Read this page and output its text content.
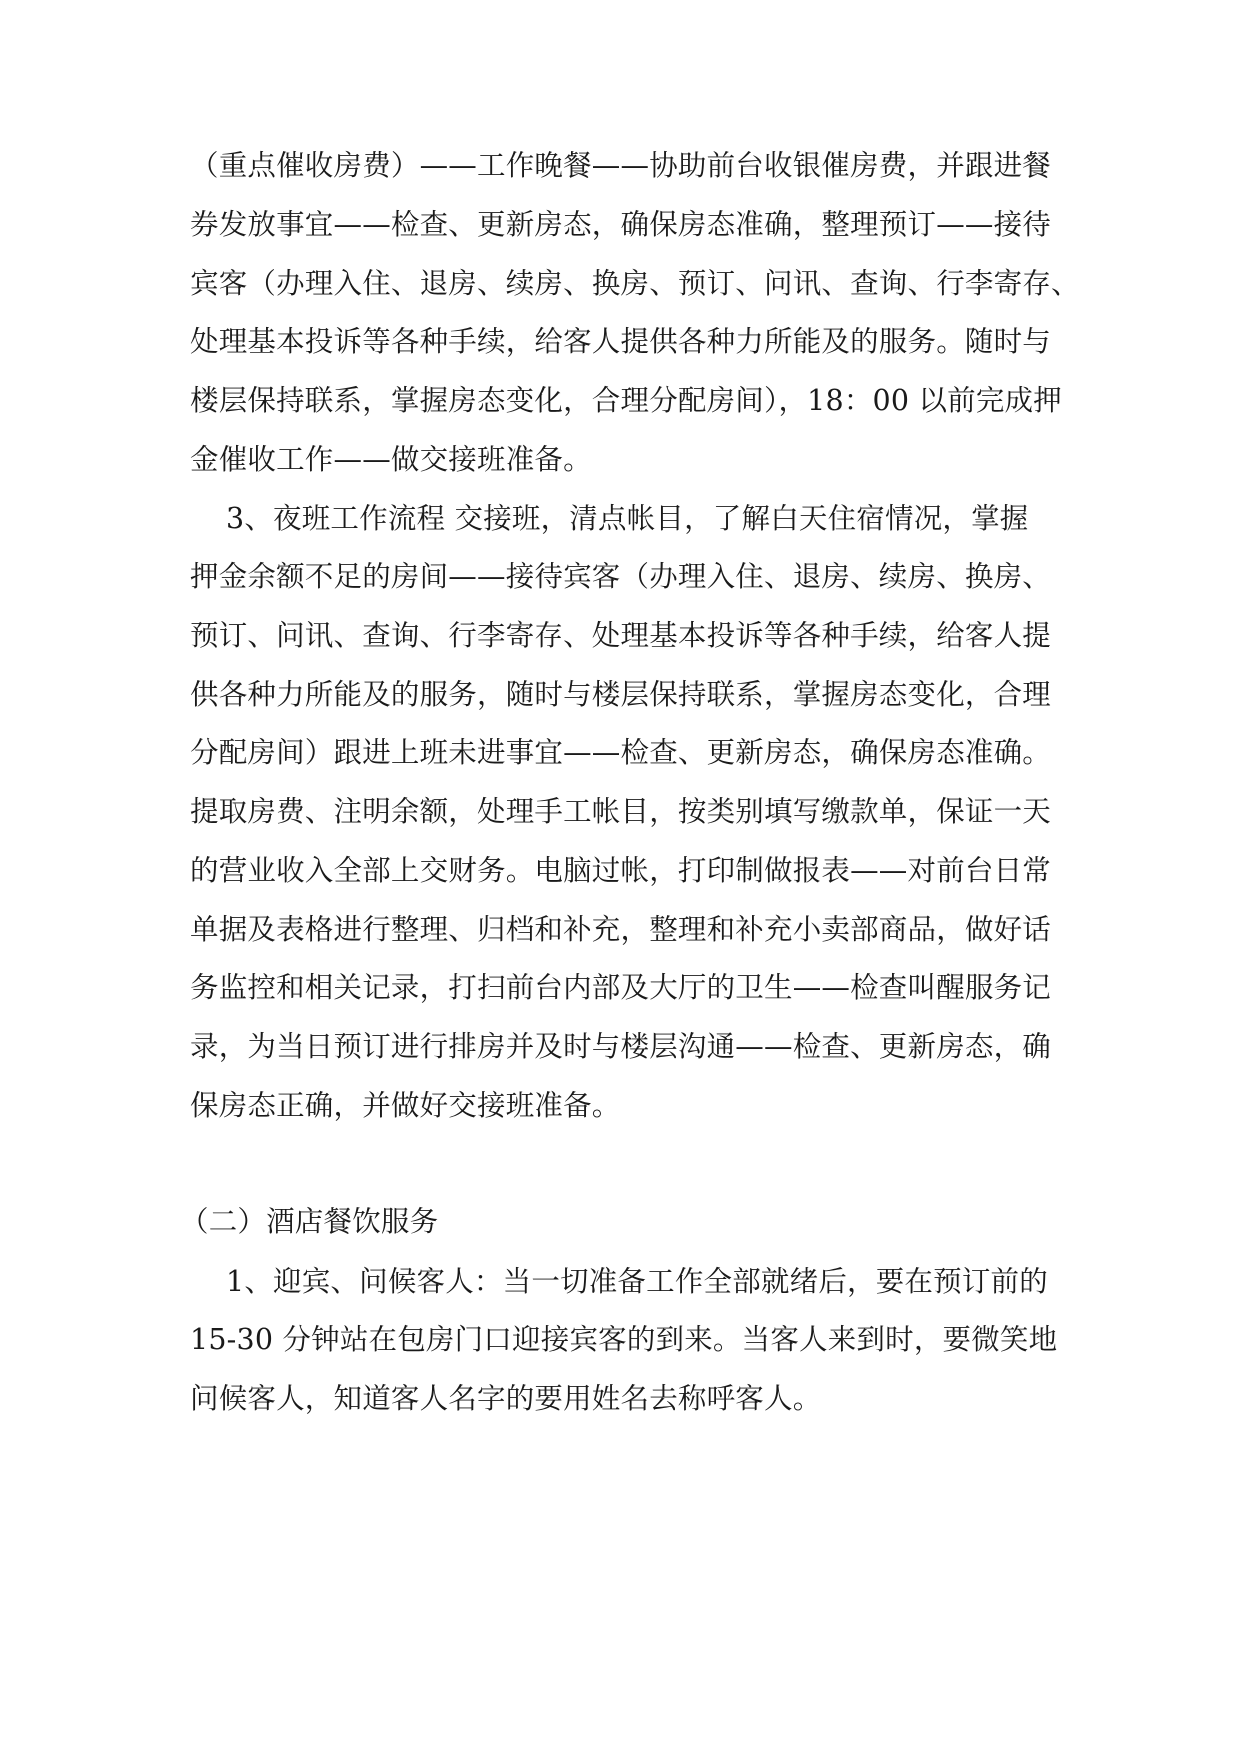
（重点催收房费）——工作晚餐——协助前台收银催房费，并跟进餐
券发放事宜——检查、更新房态，确保房态准确，整理预订——接待
宾客（办理入住、退房、续房、换房、预订、问讯、查询、行李寄存、
处理基本投诉等各种手续，给客人提供各种力所能及的服务。随时与
楼层保持联系，掌握房态变化，合理分配房间），18：00 以前完成押
金催收工作——做交接班准备。
3、夜班工作流程 交接班，清点帐目，了解白天住宿情况，掌握
押金余额不足的房间——接待宾客（办理入住、退房、续房、换房、
预订、问讯、查询、行李寄存、处理基本投诉等各种手续，给客人提
供各种力所能及的服务，随时与楼层保持联系，掌握房态变化，合理
分配房间）跟进上班未进事宜——检查、更新房态，确保房态准确。
提取房费、注明余额，处理手工帐目，按类别填写缴款单，保证一天
的营业收入全部上交财务。电脑过帐，打印制做报表——对前台日常
单据及表格进行整理、归档和补充，整理和补充小卖部商品，做好话
务监控和相关记录，打扫前台内部及大厅的卫生——检查叫醒服务记
录，为当日预订进行排房并及时与楼层沟通——检查、更新房态，确
保房态正确，并做好交接班准备。
（二）酒店餐饮服务
1、迎宾、问候客人：当一切准备工作全部就绪后，要在预订前的
15-30 分钟站在包房门口迎接宾客的到来。当客人来到时，要微笑地
问候客人，知道客人名字的要用姓名去称呼客人。
